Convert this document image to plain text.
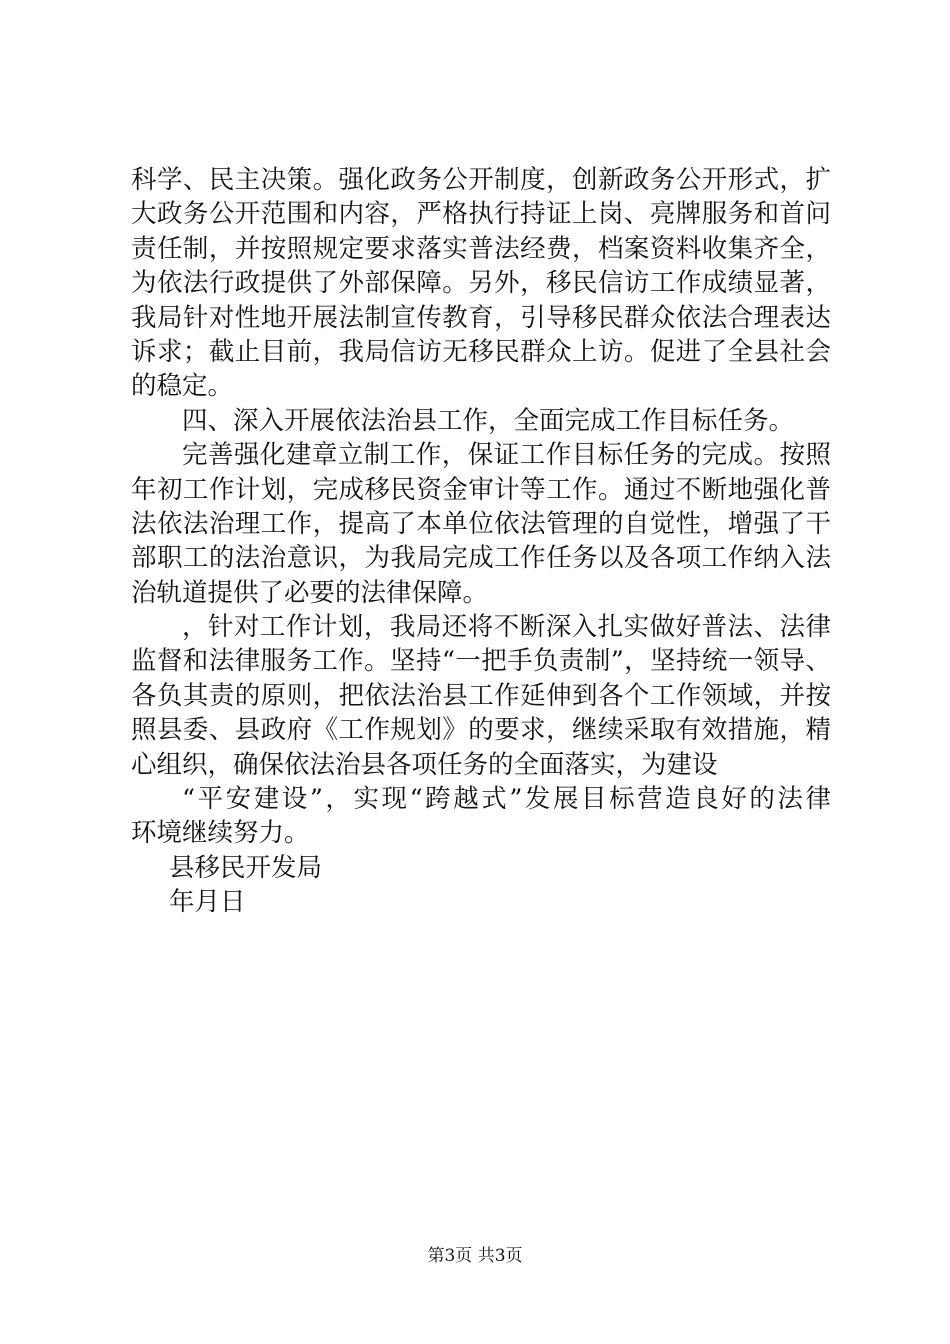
科学、民主决策。强化政务公开制度，创新政务公开形式，扩
大政务公开范围和内容，严格执行持证上岗、亮牌服务和首问
责任制，并按照规定要求落实普法经费，档案资料收集齐全，
为依法行政提供了外部保障。另外，移民信访工作成绩显著，
我局针对性地开展法制宣传教育，引导移民群众依法合理表达
诉求；截止目前，我局信访无移民群众上访。促进了全县社会
的稳定。
四、深入开展依法治县工作，全面完成工作目标任务。
完善强化建章立制工作，保证工作目标任务的完成。按照
年初工作计划，完成移民资金审计等工作。通过不断地强化普
法依法治理工作，提高了本单位依法管理的自觉性，增强了干
部职工的法治意识，为我局完成工作任务以及各项工作纳入法
治轨道提供了必要的法律保障。
，针对工作计划，我局还将不断深入扎实做好普法、法律
监督和法律服务工作。坚持“一把手负责制”，坚持统一领导、
各负其责的原则，把依法治县工作延伸到各个工作领域，并按
照县委、县政府《工作规划》的要求，继续采取有效措施，精
心组织，确保依法治县各项任务的全面落实，为建设
“平安建设”，实现“跨越式”发展目标营造良好的法律
环境继续努力。
县移民开发局
年月日
第3页 共3页
